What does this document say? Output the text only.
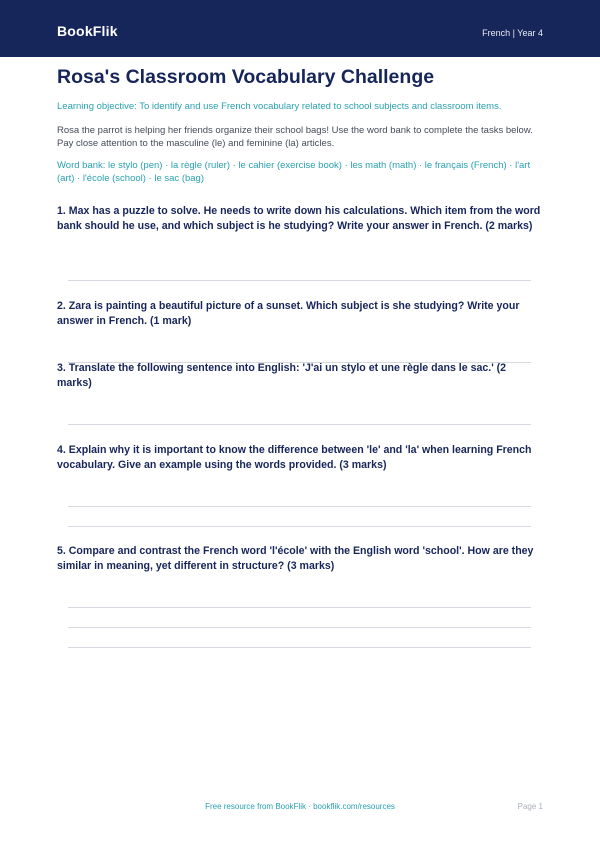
BookFlik	French | Year 4
Rosa's Classroom Vocabulary Challenge
Learning objective: To identify and use French vocabulary related to school subjects and classroom items.
Rosa the parrot is helping her friends organize their school bags! Use the word bank to complete the tasks below. Pay close attention to the masculine (le) and feminine (la) articles.
Word bank: le stylo (pen) · la règle (ruler) · le cahier (exercise book) · les math (math) · le français (French) · l'art (art) · l'école (school) · le sac (bag)
1. Max has a puzzle to solve. He needs to write down his calculations. Which item from the word bank should he use, and which subject is he studying? Write your answer in French. (2 marks)
2. Zara is painting a beautiful picture of a sunset. Which subject is she studying? Write your answer in French. (1 mark)
3. Translate the following sentence into English: 'J'ai un stylo et une règle dans le sac.' (2 marks)
4. Explain why it is important to know the difference between 'le' and 'la' when learning French vocabulary. Give an example using the words provided. (3 marks)
5. Compare and contrast the French word 'l'école' with the English word 'school'. How are they similar in meaning, yet different in structure? (3 marks)
Free resource from BookFlik · bookflik.com/resources	Page 1
